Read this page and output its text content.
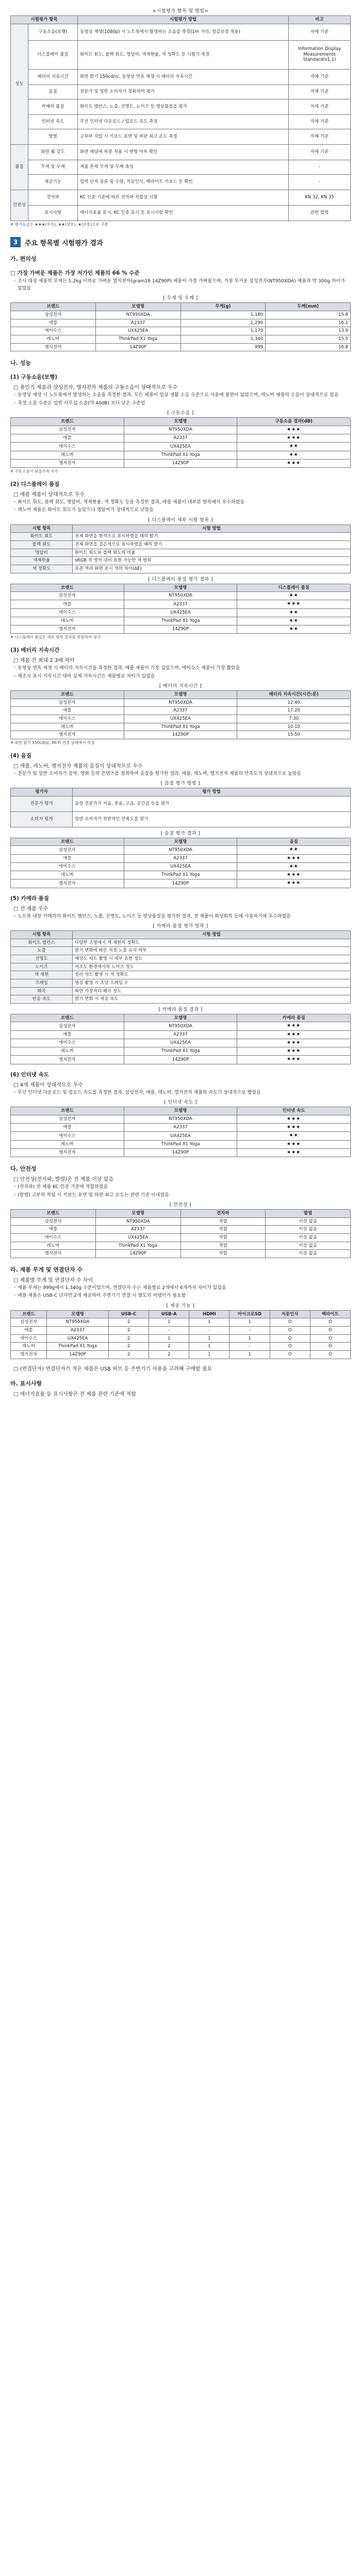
<시험평가 항목 및 방법>
시험평가 항목		시험평가 방법	비고
성능	구동소음(보행)	동영상 재생(1080p) 시 노트북에서 발생하는 소음을 측정(1m 거리, 청감보정 적용)	자체 기준
	디스플레이 품질	화이트 휘도, 블랙 휘도, 명암비, 색재현율, 색 정확도 등 시험기 측정	Information Display Measurements Standard(v1.1)
	배터리 지속시간	화면 밝기 150cd/㎡, 동영상 연속 재생 시 배터리 지속시간	자체 기준
	음질	전문가 및 일반 소비자가 청취하여 평가	자체 기준
	카메라 품질	화이트 밸런스, 노출, 선명도, 노이즈 등 영상품질을 평가	자체 기준
	인터넷 속도	무선 인터넷 다운로드 / 업로드 속도 측정	자체 기준
	발열	고부하 작업 시 키보드 표면 및 하판 최고 온도 측정	자체 기준
품질	화면 휨 강도	화면 패널에 하중 적용 시 변형 여부 확인	자체 기준
	무게 및 두께	제품 본체 무게 및 두께 측정	-
	제공기능	입력 단자 종류 및 수량, 지문인식, 백라이트 키보드 등 확인	-
안전성	전자파	KC 인증 기준에 따른 전자파 적합성 시험	KN 32, KN 35
	표시사항	에너지효율 표시, KC 인증 표시 등 표시사항 확인	관련 법령
※ 평가등급은 ★★★(우수), ★★(양호), ★(보통)으로 구분
3	주요 항목별 시험평가 결과
가. 편의성
□ 가장 가벼운 제품은 가장 저가인 제품의 66 % 수준
◦ 조사 대상 제품의 무게는 1.2kg 이하로 가벼운 엘지전자(gram16 14Z90P) 제품이 가장 가벼웠으며, 가장 무거운 삼성전자(NT950XDA) 제품과 약 300g 차이가 있었음
[ 무게 및 두께 ]
브랜드	모델명	무게(g)	두께(mm)
삼성전자	NT950XDA	1,180	15.8
애플	A2337	1,290	16.1
에이수스	UX425EA	1,170	13.9
레노버	ThinkPad X1 Yoga	1,340	15.5
엘지전자	14Z90P	999	16.8
나. 성능
(1) 구동소음(보행)
□ 용인기 제품과 삼성전자, 엘지전자 제품의 구동소음이 상대적으로 우수
◦ 동영상 재생 시 노트북에서 발생하는 소음을 측정한 결과, 모든 제품이 일상 생활 소음 수준으로 사용에 불편이 없었으며, 레노버 제품의 소음이 상대적으로 컸음
◦ 측정 소음 수준은 일반 사무실 소음(약 40dB) 보다 낮은 수준임
[ 구동소음 ]
브랜드	모델명	구동소음 결과(dB)
삼성전자	NT950XDA	★★★
애플	A2337	★★★
에이수스	UX425EA	★★
레노버	ThinkPad X1 Yoga	★★
엘지전자	14Z90P	★★★
※ 구동소음이 낮을수록 우수
(2) 디스플레이 품질
□ 애플 제품이 상대적으로 우수
◦ 화이트 휘도, 블랙 휘도, 명암비, 색재현율, 색 정확도 등을 측정한 결과, 애플 제품이 대부분 항목에서 우수하였음
◦ 레노버 제품은 화이트 휘도가 높았으나 명암비가 상대적으로 낮았음
[ 디스플레이 세부 시험 항목 ]
시험 항목	시험 방법
화이트 휘도	전체 화면을 흰색으로 표시하였을 때의 밝기
블랙 휘도	전체 화면을 검은색으로 표시하였을 때의 밝기
명암비	화이트 휘도와 블랙 휘도의 비율
색재현율	sRGB 색 영역 대비 표현 가능한 색 범위
색 정확도	표준 색과 화면 표시 색의 차이(ΔE)
[ 디스플레이 품질 평가 결과 ]
브랜드	모델명	디스플레이 품질
삼성전자	NT950XDA	★★
애플	A2337	★★★
에이수스	UX425EA	★★
레노버	ThinkPad X1 Yoga	★★
엘지전자	14Z90P	★★
※ 디스플레이 품질은 세부 항목 결과를 종합하여 평가
(3) 배터리 지속시간
□ 제품 간 최대 2.3배 차이
◦ 동영상 연속 재생 시 배터리 지속시간을 측정한 결과, 애플 제품이 가장 길었으며, 에이수스 제품이 가장 짧았음
◦ 제조사 표시 지속시간 대비 실제 지속시간은 제품별로 차이가 있었음
[ 배터리 지속시간 ]
브랜드	모델명	배터리 지속시간(시간:분)
삼성전자	NT950XDA	12:40
애플	A2337	17:20
에이수스	UX425EA	7:30
레노버	ThinkPad X1 Yoga	10:10
엘지전자	14Z90P	15:50
※ 화면 밝기 150cd/㎡, Wi-Fi 연결 상태에서 측정
(4) 음질
□ 애플, 레노버, 엘지전자 제품의 음질이 상대적으로 우수
◦ 전문가 및 일반 소비자가 음악, 영화 등의 콘텐츠를 청취하여 음질을 평가한 결과, 애플, 레노버, 엘지전자 제품의 만족도가 상대적으로 높았음
[ 음질 평가 방법 ]
평가자	평가 방법
전문가 평가	음향 전문가가 저음, 중음, 고음, 공간감 등을 평가
소비자 평가	일반 소비자가 전반적인 만족도를 평가
[ 음질 평가 결과 ]
브랜드	모델명	음질
삼성전자	NT950XDA	★★
애플	A2337	★★★
에이수스	UX425EA	★★
레노버	ThinkPad X1 Yoga	★★★
엘지전자	14Z90P	★★★
(5) 카메라 품질
□ 전 제품 우수
◦ 노트북 내장 카메라의 화이트 밸런스, 노출, 선명도, 노이즈 등 영상품질을 평가한 결과, 전 제품이 화상회의 등에 사용하기에 우수하였음
[ 카메라 품질 평가 항목 ]
시험 항목	시험 방법
화이트 밸런스	다양한 조명에서 색 재현의 정확도
노출	밝기 변화에 따른 적정 노출 유지 여부
선명도	해상도 차트 촬영 시 세부 표현 정도
노이즈	저조도 환경에서의 노이즈 정도
색 재현	컬러 차트 촬영 시 색 정확도
프레임	영상 촬영 시 초당 프레임 수
왜곡	화면 가장자리 왜곡 정도
반응 속도	밝기 변화 시 적응 속도
[ 카메라 품질 결과 ]
브랜드	모델명	카메라 품질
삼성전자	NT950XDA	★★★
애플	A2337	★★★
에이수스	UX425EA	★★★
레노버	ThinkPad X1 Yoga	★★★
엘지전자	14Z90P	★★★
(6) 인터넷 속도
□ 4개 제품이 상대적으로 우수
◦ 무선 인터넷 다운로드 및 업로드 속도를 측정한 결과, 삼성전자, 애플, 레노버, 엘지전자 제품의 속도가 상대적으로 빨랐음
[ 인터넷 속도 ]
브랜드	모델명	인터넷 속도
삼성전자	NT950XDA	★★★
애플	A2337	★★★
에이수스	UX425EA	★★
레노버	ThinkPad X1 Yoga	★★★
엘지전자	14Z90P	★★★
다. 안전성
□ 안전성(전자파, 발열)은 전 제품 이상 없음
◦ (전자파) 전 제품 KC 인증 기준에 적합하였음
◦ (발열) 고부하 작업 시 키보드 표면 및 하판 최고 온도는 관련 기준 이내였음
[ 안전성 ]
브랜드	모델명	전자파	발열
삼성전자	NT950XDA	적합	이상 없음
애플	A2337	적합	이상 없음
에이수스	UX425EA	적합	이상 없음
레노버	ThinkPad X1 Yoga	적합	이상 없음
엘지전자	14Z90P	적합	이상 없음
라. 제품 무게 및 연결단자 수
□ 제품별 무게 및 연결단자 수 차이
◦ 제품 무게는 999g에서 1,340g 수준이었으며, 연결단자 수는 제품별로 2개에서 6개까지 차이가 있었음
◦ 애플 제품은 USB-C 단자만 2개 제공하여 주변기기 연결 시 별도의 어댑터가 필요함
[ 제공 기능 ]
브랜드	모델명	USB-C	USB-A	HDMI	마이크로SD	지문인식	백라이트
삼성전자	NT950XDA	2	1	1	1	O	O
애플	A2337	2	-	-	-	O	O
에이수스	UX425EA	2	1	1	1	O	O
레노버	ThinkPad X1 Yoga	2	2	1	-	O	O
엘지전자	14Z90P	2	2	1	1	O	O
□ (연결단자) 연결단자가 적은 제품은 USB 허브 등 주변기기 사용을 고려해 구매할 필요
마. 표시사항
□ 에너지효율 등 표시사항은 전 제품 관련 기준에 적합
